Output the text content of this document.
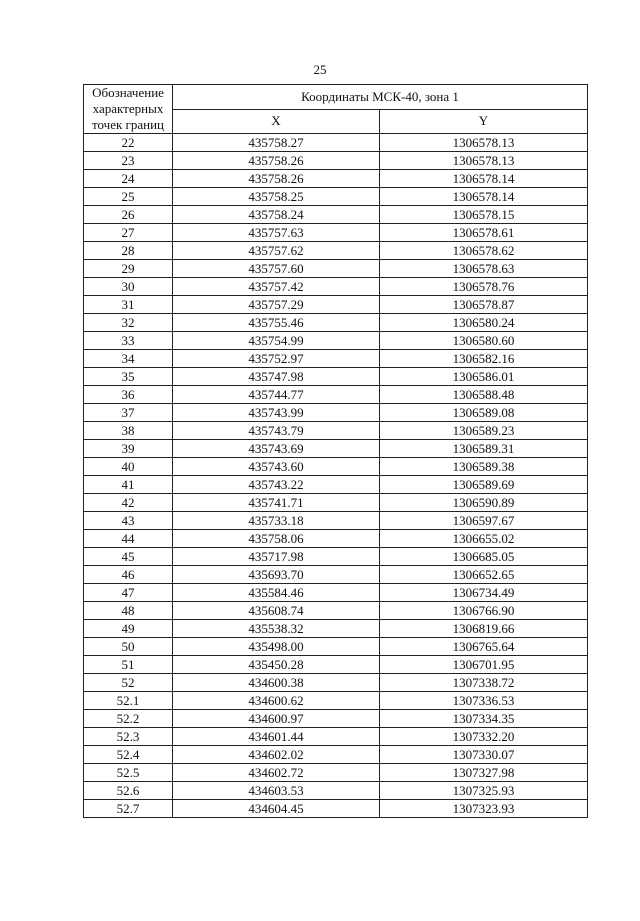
25
Обозначение характерных точек границ	Координаты МСК-40, зона 1	
	X	Y
22	435758.27	1306578.13
23	435758.26	1306578.13
24	435758.26	1306578.14
25	435758.25	1306578.14
26	435758.24	1306578.15
27	435757.63	1306578.61
28	435757.62	1306578.62
29	435757.60	1306578.63
30	435757.42	1306578.76
31	435757.29	1306578.87
32	435755.46	1306580.24
33	435754.99	1306580.60
34	435752.97	1306582.16
35	435747.98	1306586.01
36	435744.77	1306588.48
37	435743.99	1306589.08
38	435743.79	1306589.23
39	435743.69	1306589.31
40	435743.60	1306589.38
41	435743.22	1306589.69
42	435741.71	1306590.89
43	435733.18	1306597.67
44	435758.06	1306655.02
45	435717.98	1306685.05
46	435693.70	1306652.65
47	435584.46	1306734.49
48	435608.74	1306766.90
49	435538.32	1306819.66
50	435498.00	1306765.64
51	435450.28	1306701.95
52	434600.38	1307338.72
52.1	434600.62	1307336.53
52.2	434600.97	1307334.35
52.3	434601.44	1307332.20
52.4	434602.02	1307330.07
52.5	434602.72	1307327.98
52.6	434603.53	1307325.93
52.7	434604.45	1307323.93
